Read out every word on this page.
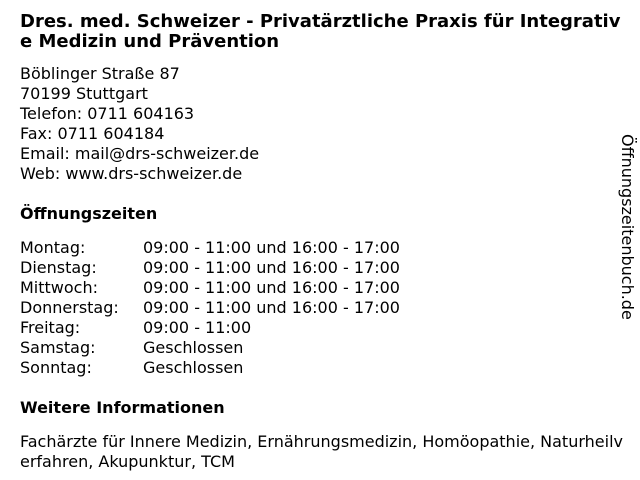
Dres. med. Schweizer - Privatärztliche Praxis für Integrative Medizin und Prävention
Böblinger Straße 87
70199 Stuttgart
Telefon: 0711 604163
Fax: 0711 604184
Email: mail@drs-schweizer.de
Web: www.drs-schweizer.de
Öffnungszeiten
Montag:	09:00 - 11:00 und 16:00 - 17:00
Dienstag:	09:00 - 11:00 und 16:00 - 17:00
Mittwoch:	09:00 - 11:00 und 16:00 - 17:00
Donnerstag:	09:00 - 11:00 und 16:00 - 17:00
Freitag:	09:00 - 11:00
Samstag:	Geschlossen
Sonntag:	Geschlossen
Weitere Informationen
Fachärzte für Innere Medizin, Ernährungsmedizin, Homöopathie, Naturheilverfahren, Akupunktur, TCM
Öffnungszeitenbuch.de
